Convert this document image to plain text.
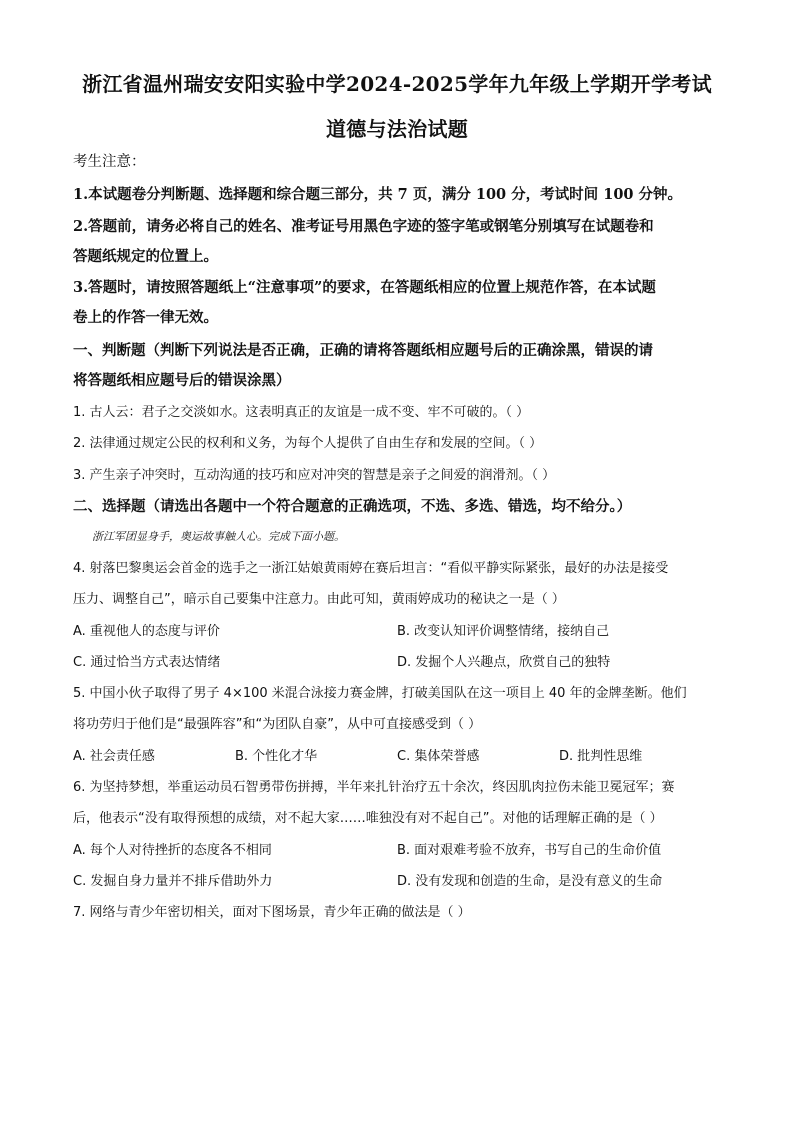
浙江省温州瑞安安阳实验中学2024-2025学年九年级上学期开学考试
道德与法治试题
考生注意：
1.本试题卷分判断题、选择题和综合题三部分，共 7 页，满分 100 分，考试时间 100 分钟。
2.答题前，请务必将自己的姓名、准考证号用黑色字迹的签字笔或钢笔分别填写在试题卷和
答题纸规定的位置上。
3.答题时，请按照答题纸上“注意事项”的要求，在答题纸相应的位置上规范作答，在本试题
卷上的作答一律无效。
一、判断题（判断下列说法是否正确，正确的请将答题纸相应题号后的正确涂黑，错误的请
将答题纸相应题号后的错误涂黑）
1. 古人云：君子之交淡如水。这表明真正的友谊是一成不变、牢不可破的。（ ）
2. 法律通过规定公民的权利和义务，为每个人提供了自由生存和发展的空间。（ ）
3. 产生亲子冲突时，互动沟通的技巧和应对冲突的智慧是亲子之间爱的润滑剂。（ ）
二、选择题（请选出各题中一个符合题意的正确选项，不选、多选、错选，均不给分。）
浙江军团显身手，奥运故事触人心。完成下面小题。
4. 射落巴黎奥运会首金的选手之一浙江姑娘黄雨婷在赛后坦言：“看似平静实际紧张，最好的办法是接受
压力、调整自己”，暗示自己要集中注意力。由此可知，黄雨婷成功的秘诀之一是（ ）
A. 重视他人的态度与评价	B. 改变认知评价调整情绪，接纳自己
C. 通过恰当方式表达情绪	D. 发掘个人兴趣点，欣赏自己的独特
5. 中国小伙子取得了男子 4×100 米混合泳接力赛金牌，打破美国队在这一项目上 40 年的金牌垄断。他们
将功劳归于他们是“最强阵容”和“为团队自豪”，从中可直接感受到（ ）
A. 社会责任感	B. 个性化才华	C. 集体荣誉感	D. 批判性思维
6. 为坚持梦想，举重运动员石智勇带伤拼搏，半年来扎针治疗五十余次，终因肌肉拉伤未能卫冕冠军；赛
后，他表示“没有取得预想的成绩，对不起大家……唯独没有对不起自己”。对他的话理解正确的是（ ）
A. 每个人对待挫折的态度各不相同	B. 面对艰难考验不放弃，书写自己的生命价值
C. 发掘自身力量并不排斥借助外力	D. 没有发现和创造的生命，是没有意义的生命
7. 网络与青少年密切相关，面对下图场景，青少年正确的做法是（ ）
